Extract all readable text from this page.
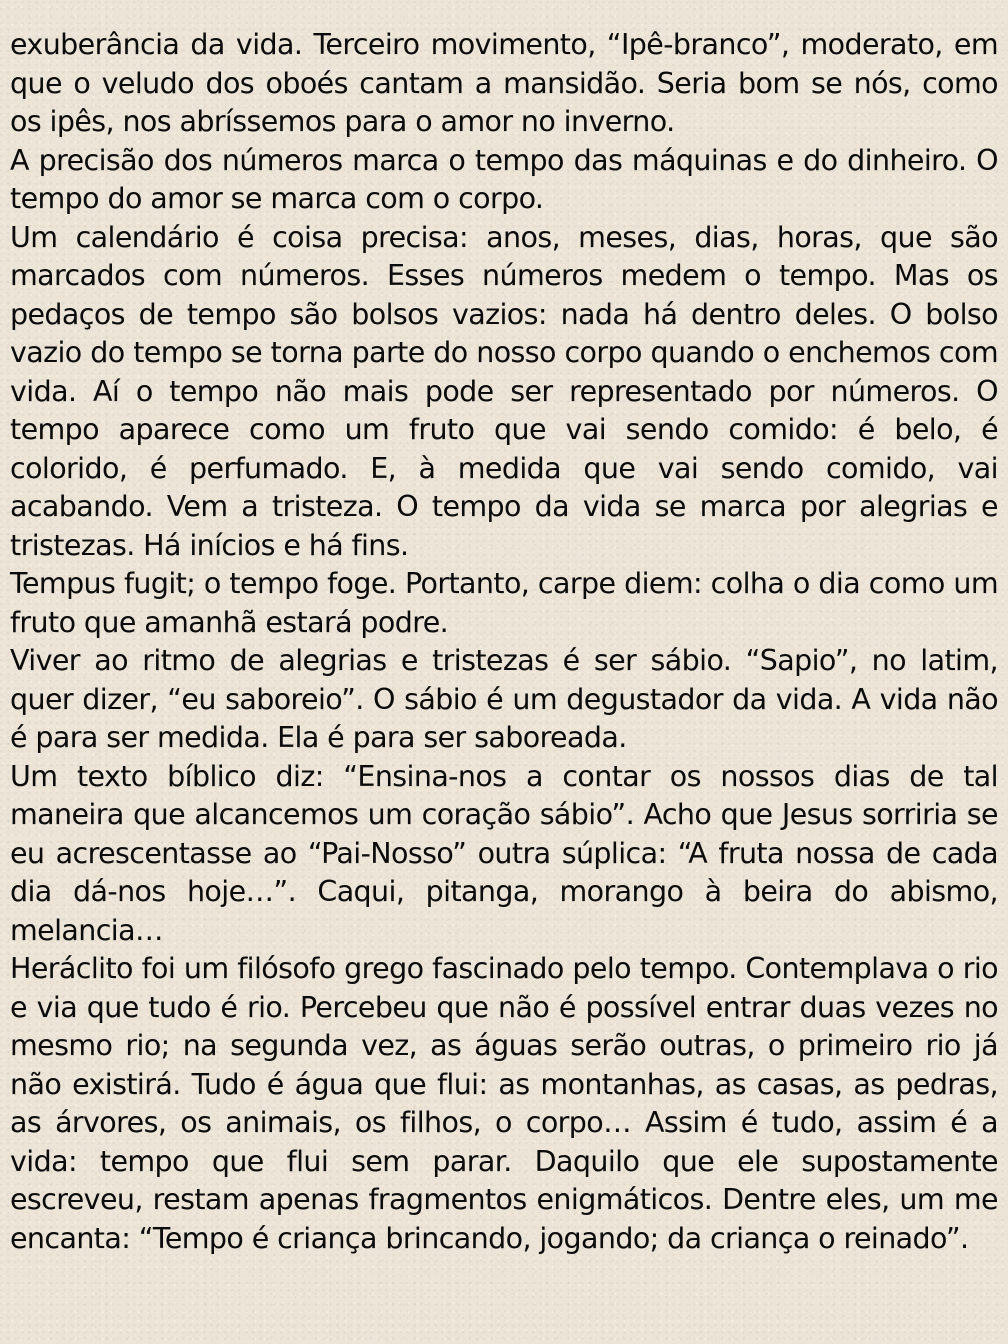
exuberância da vida. Terceiro movimento, “Ipê-branco”, moderato, em que o veludo dos oboés cantam a mansidão. Seria bom se nós, como os ipês, nos abríssemos para o amor no inverno.

A precisão dos números marca o tempo das máquinas e do dinheiro. O tempo do amor se marca com o corpo.

Um calendário é coisa precisa: anos, meses, dias, horas, que são marcados com números. Esses números medem o tempo. Mas os pedaços de tempo são bolsos vazios: nada há dentro deles. O bolso vazio do tempo se torna parte do nosso corpo quando o enchemos com vida. Aí o tempo não mais pode ser representado por números. O tempo aparece como um fruto que vai sendo comido: é belo, é colorido, é perfumado. E, à medida que vai sendo comido, vai acabando. Vem a tristeza. O tempo da vida se marca por alegrias e tristezas. Há inícios e há fins.

Tempus fugit; o tempo foge. Portanto, carpe diem: colha o dia como um fruto que amanhã estará podre.

Viver ao ritmo de alegrias e tristezas é ser sábio. “Sapio”, no latim, quer dizer, “eu saboreio”. O sábio é um degustador da vida. A vida não é para ser medida. Ela é para ser saboreada.

Um texto bíblico diz: “Ensina-nos a contar os nossos dias de tal maneira que alcancemos um coração sábio”. Acho que Jesus sorriria se eu acrescentasse ao “Pai-Nosso” outra súplica: “A fruta nossa de cada dia dá-nos hoje…”. Caqui, pitanga, morango à beira do abismo, melancia…

Heráclito foi um filósofo grego fascinado pelo tempo. Contemplava o rio e via que tudo é rio. Percebeu que não é possível entrar duas vezes no mesmo rio; na segunda vez, as águas serão outras, o primeiro rio já não existirá. Tudo é água que flui: as montanhas, as casas, as pedras, as árvores, os animais, os filhos, o corpo… Assim é tudo, assim é a vida: tempo que flui sem parar. Daquilo que ele supostamente escreveu, restam apenas fragmentos enigmáticos. Dentre eles, um me encanta: “Tempo é criança brincando, jogando; da criança o reinado”.
